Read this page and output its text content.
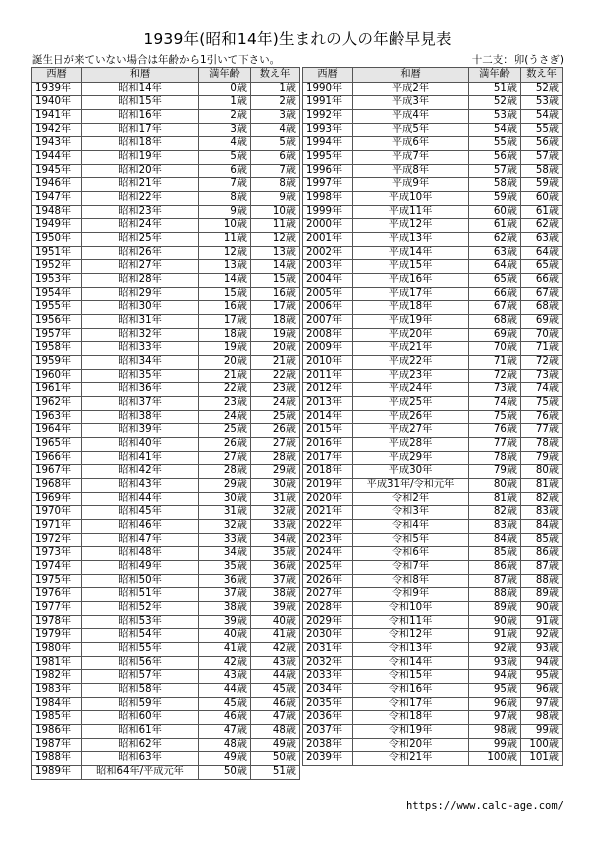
1939年(昭和14年)生まれの人の年齢早見表
誕生日が来ていない場合は年齢から1引いて下さい。	十二支：卯(うさぎ)
西暦	和暦	満年齢	数え年
1939年	昭和14年	0歳	1歳
1940年	昭和15年	1歳	2歳
1941年	昭和16年	2歳	3歳
1942年	昭和17年	3歳	4歳
1943年	昭和18年	4歳	5歳
1944年	昭和19年	5歳	6歳
1945年	昭和20年	6歳	7歳
1946年	昭和21年	7歳	8歳
1947年	昭和22年	8歳	9歳
1948年	昭和23年	9歳	10歳
1949年	昭和24年	10歳	11歳
1950年	昭和25年	11歳	12歳
1951年	昭和26年	12歳	13歳
1952年	昭和27年	13歳	14歳
1953年	昭和28年	14歳	15歳
1954年	昭和29年	15歳	16歳
1955年	昭和30年	16歳	17歳
1956年	昭和31年	17歳	18歳
1957年	昭和32年	18歳	19歳
1958年	昭和33年	19歳	20歳
1959年	昭和34年	20歳	21歳
1960年	昭和35年	21歳	22歳
1961年	昭和36年	22歳	23歳
1962年	昭和37年	23歳	24歳
1963年	昭和38年	24歳	25歳
1964年	昭和39年	25歳	26歳
1965年	昭和40年	26歳	27歳
1966年	昭和41年	27歳	28歳
1967年	昭和42年	28歳	29歳
1968年	昭和43年	29歳	30歳
1969年	昭和44年	30歳	31歳
1970年	昭和45年	31歳	32歳
1971年	昭和46年	32歳	33歳
1972年	昭和47年	33歳	34歳
1973年	昭和48年	34歳	35歳
1974年	昭和49年	35歳	36歳
1975年	昭和50年	36歳	37歳
1976年	昭和51年	37歳	38歳
1977年	昭和52年	38歳	39歳
1978年	昭和53年	39歳	40歳
1979年	昭和54年	40歳	41歳
1980年	昭和55年	41歳	42歳
1981年	昭和56年	42歳	43歳
1982年	昭和57年	43歳	44歳
1983年	昭和58年	44歳	45歳
1984年	昭和59年	45歳	46歳
1985年	昭和60年	46歳	47歳
1986年	昭和61年	47歳	48歳
1987年	昭和62年	48歳	49歳
1988年	昭和63年	49歳	50歳
1989年	昭和64年/平成元年	50歳	51歳
西暦	和暦	満年齢	数え年
1990年	平成2年	51歳	52歳
1991年	平成3年	52歳	53歳
1992年	平成4年	53歳	54歳
1993年	平成5年	54歳	55歳
1994年	平成6年	55歳	56歳
1995年	平成7年	56歳	57歳
1996年	平成8年	57歳	58歳
1997年	平成9年	58歳	59歳
1998年	平成10年	59歳	60歳
1999年	平成11年	60歳	61歳
2000年	平成12年	61歳	62歳
2001年	平成13年	62歳	63歳
2002年	平成14年	63歳	64歳
2003年	平成15年	64歳	65歳
2004年	平成16年	65歳	66歳
2005年	平成17年	66歳	67歳
2006年	平成18年	67歳	68歳
2007年	平成19年	68歳	69歳
2008年	平成20年	69歳	70歳
2009年	平成21年	70歳	71歳
2010年	平成22年	71歳	72歳
2011年	平成23年	72歳	73歳
2012年	平成24年	73歳	74歳
2013年	平成25年	74歳	75歳
2014年	平成26年	75歳	76歳
2015年	平成27年	76歳	77歳
2016年	平成28年	77歳	78歳
2017年	平成29年	78歳	79歳
2018年	平成30年	79歳	80歳
2019年	平成31年/令和元年	80歳	81歳
2020年	令和2年	81歳	82歳
2021年	令和3年	82歳	83歳
2022年	令和4年	83歳	84歳
2023年	令和5年	84歳	85歳
2024年	令和6年	85歳	86歳
2025年	令和7年	86歳	87歳
2026年	令和8年	87歳	88歳
2027年	令和9年	88歳	89歳
2028年	令和10年	89歳	90歳
2029年	令和11年	90歳	91歳
2030年	令和12年	91歳	92歳
2031年	令和13年	92歳	93歳
2032年	令和14年	93歳	94歳
2033年	令和15年	94歳	95歳
2034年	令和16年	95歳	96歳
2035年	令和17年	96歳	97歳
2036年	令和18年	97歳	98歳
2037年	令和19年	98歳	99歳
2038年	令和20年	99歳	100歳
2039年	令和21年	100歳	101歳
https://www.calc-age.com/
